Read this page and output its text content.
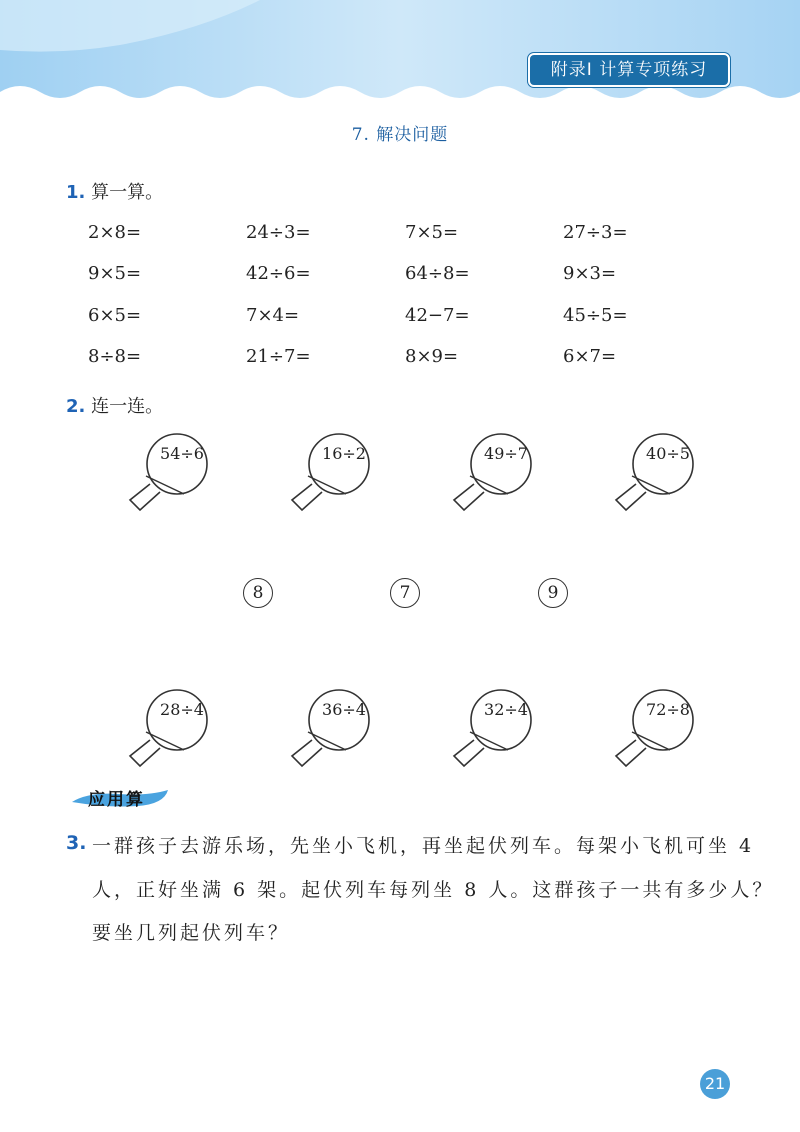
附录Ⅰ 计算专项练习
7. 解决问题
1. 算一算。
2×8=	24÷3=	7×5=	27÷3=
9×5=	42÷6=	64÷8=	9×3=
6×5=	7×4=	42−7=	45÷5=
8÷8=	21÷7=	8×9=	6×7=
2. 连一连。
54÷6	16÷2	49÷7	40÷5
8	7	9
28÷4	36÷4	32÷4	72÷8
应用算
3. 一群孩子去游乐场，先坐小飞机，再坐起伏列车。每架小飞机可坐 4
人，正好坐满 6 架。起伏列车每列坐 8 人。这群孩子一共有多少人？
要坐几列起伏列车？
21
